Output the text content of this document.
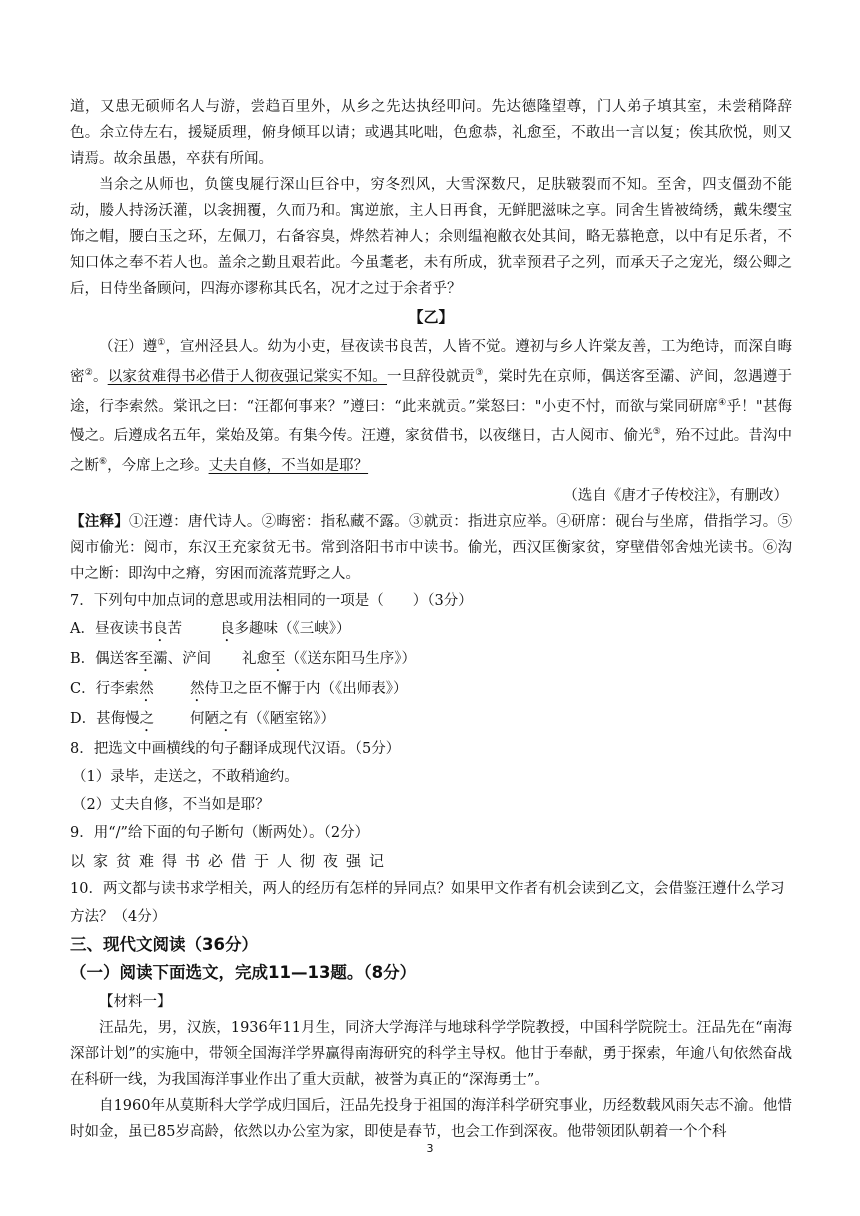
道，又患无硕师名人与游，尝趋百里外，从乡之先达执经叩问。先达德隆望尊，门人弟子填其室，未尝稍降辞色。余立侍左右，援疑质理，俯身倾耳以请；或遇其叱咄，色愈恭，礼愈至，不敢出一言以复；俟其欣悦，则又请焉。故余虽愚，卒获有所闻。

当余之从师也，负箧曳屣行深山巨谷中，穷冬烈风，大雪深数尺，足肤皲裂而不知。至舍，四支僵劲不能动，媵人持汤沃灌，以衾拥覆，久而乃和。寓逆旅，主人日再食，无鲜肥滋味之享。同舍生皆被绮绣，戴朱缨宝饰之帽，腰白玉之环，左佩刀，右备容臭，烨然若神人；余则缊袍敝衣处其间，略无慕艳意，以中有足乐者，不知口体之奉不若人也。盖余之勤且艰若此。今虽耄老，未有所成，犹幸预君子之列，而承天子之宠光，缀公卿之后，日侍坐备顾问，四海亦谬称其氏名，况才之过于余者乎？

【乙】

（汪）遵①，宣州泾县人。幼为小吏，昼夜读书良苦，人皆不觉。遵初与乡人许棠友善，工为绝诗，而深自晦密②。以家贫难得书必借于人彻夜强记棠实不知。一旦辞役就贡③，棠时先在京师，偶送客至灞、浐间，忽遇遵于途，行李索然。棠讯之曰：“汪都何事来？”遵曰：“此来就贡。”棠怒曰："小吏不忖，而欲与棠同研席④乎！"甚侮慢之。后遵成名五年，棠始及第。有集今传。汪遵，家贫借书，以夜继日，古人阅市、偷光⑤，殆不过此。昔沟中之断⑥，今席上之珍。丈夫自修，不当如是耶？

（选自《唐才子传校注》，有删改）

【注释】①汪遵：唐代诗人。②晦密：指私藏不露。③就贡：指进京应举。④研席：砚台与坐席，借指学习。⑤阅市偷光：阅市，东汉王充家贫无书。常到洛阳书市中读书。偷光，西汉匡衡家贫，穿壁借邻舍烛光读书。⑥沟中之断：即沟中之瘠，穷困而流落荒野之人。

7．下列句中加点词的意思或用法相同的一项是（　　）（3分）

A．昼夜读书良苦	良多趣味（《三峡》）

B．偶送客至灞、浐间 礼愈至（《送东阳马生序》）

C．行李索然	然侍卫之臣不懈于内（《出师表》）

D．甚侮慢之 何陋之有（《陋室铭》）

8．把选文中画横线的句子翻译成现代汉语。（5分）

（1）录毕，走送之，不敢稍逾约。

（2）丈夫自修，不当如是耶？

9．用“/”给下面的句子断句（断两处）。（2分）

以家贫难得书必借于人彻夜强记

10．两文都与读书求学相关，两人的经历有怎样的异同点？如果甲文作者有机会读到乙文，会借鉴汪遵什么学习方法？（4分）

三、现代文阅读（36分）

（一）阅读下面选文，完成11—13题。（8分）

【材料一】

汪品先，男，汉族，1936年11月生，同济大学海洋与地球科学学院教授，中国科学院院士。汪品先在“南海深部计划”的实施中，带领全国海洋学界赢得南海研究的科学主导权。他甘于奉献，勇于探索，年逾八旬依然奋战在科研一线，为我国海洋事业作出了重大贡献，被誉为真正的“深海勇士”。

自1960年从莫斯科大学学成归国后，汪品先投身于祖国的海洋科学研究事业，历经数载风雨矢志不渝。他惜时如金，虽已85岁高龄，依然以办公室为家，即使是春节，也会工作到深夜。他带领团队朝着一个个科

3
